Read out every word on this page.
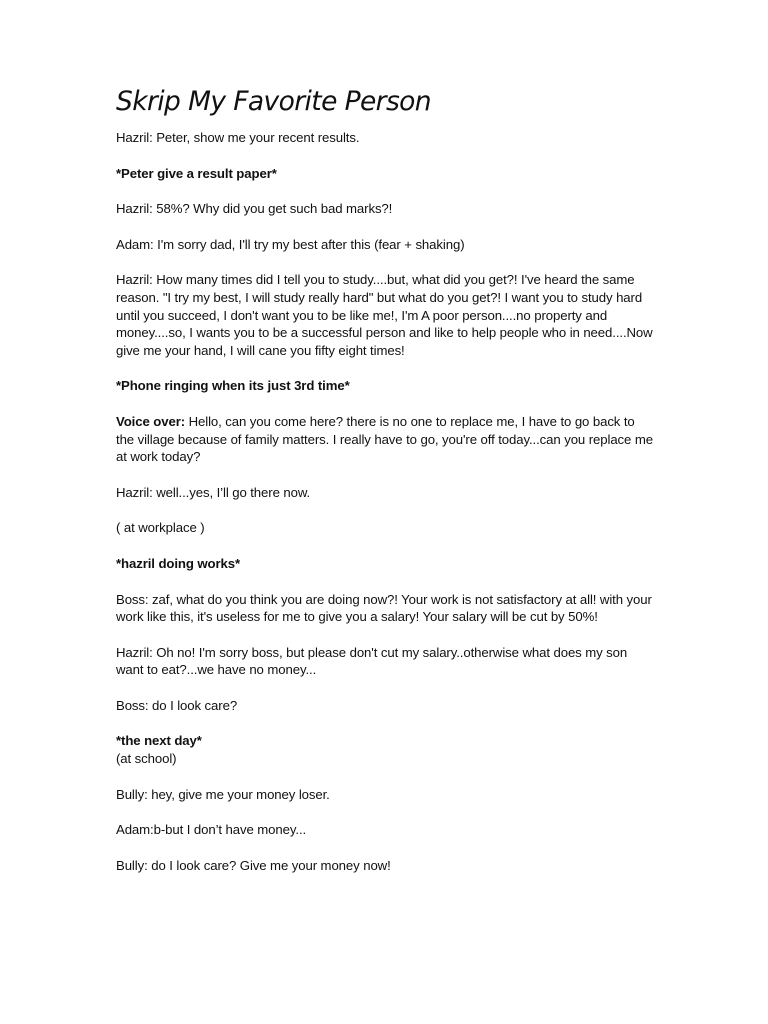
Skrip My Favorite Person

Hazril: Peter, show me your recent results.

*Peter give a result paper*

Hazril: 58%? Why did you get such bad marks?!

Adam: I'm sorry dad, I'll try my best after this (fear + shaking)

Hazril: How many times did I tell you to study....but, what did you get?! I've heard the same reason. "I try my best, I will study really hard" but what do you get?! I want you to study hard until you succeed, I don't want you to be like me!, I'm A poor person....no property and money....so, I wants you to be a successful person and like to help people who in need....Now give me your hand, I will cane you fifty eight times!

*Phone ringing when its just 3rd time*

Voice over: Hello, can you come here? there is no one to replace me, I have to go back to the village because of family matters. I really have to go, you're off today...can you replace me at work today?

Hazril: well...yes, I’ll go there now.

( at workplace )

*hazril doing works*

Boss: zaf, what do you think you are doing now?! Your work is not satisfactory at all! with your work like this, it's useless for me to give you a salary! Your salary will be cut by 50%!

Hazril: Oh no! I'm sorry boss, but please don't cut my salary..otherwise what does my son want to eat?...we have no money...

Boss: do I look care?

*the next day*

(at school)

Bully: hey, give me your money loser.

Adam:b-but I don’t have money...

Bully: do I look care? Give me your money now!
